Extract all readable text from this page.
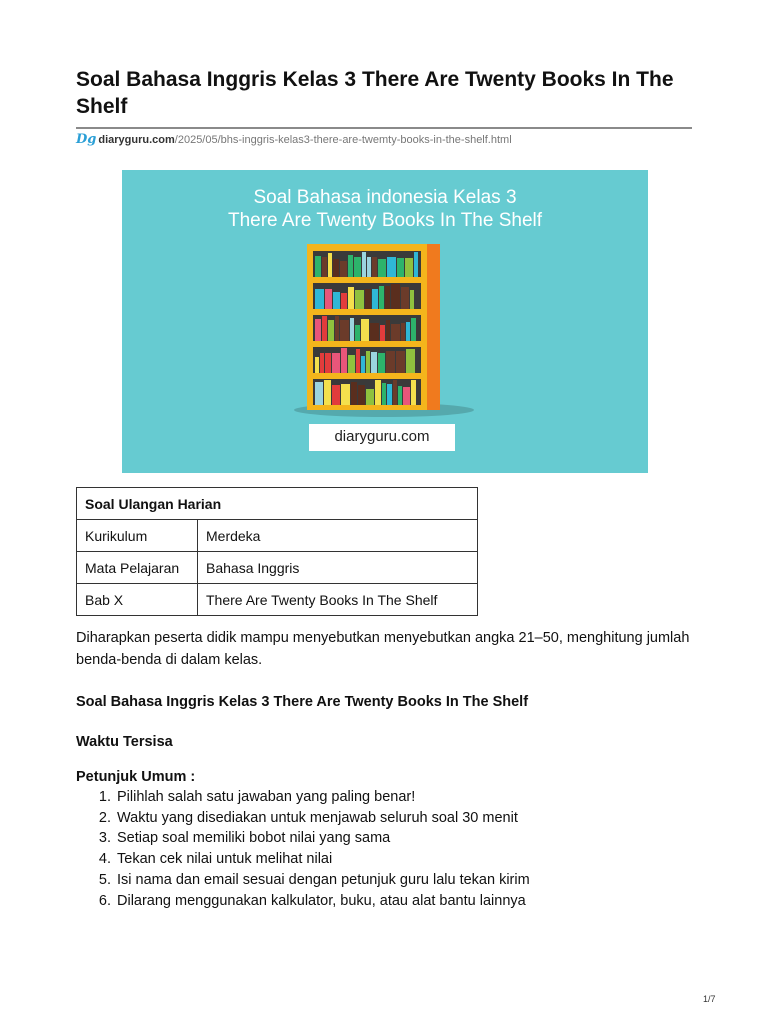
Soal Bahasa Inggris Kelas 3 There Are Twenty Books In The Shelf
Dg diaryguru.com/2025/05/bhs-inggris-kelas3-there-are-twemty-books-in-the-shelf.html
Soal Bahasa indonesia Kelas 3
There Are Twenty Books In The Shelf
diaryguru.com
Soal Ulangan Harian	
Kurikulum	Merdeka
Mata Pelajaran	Bahasa Inggris
Bab X	There Are Twenty Books In The Shelf
Diharapkan peserta didik mampu menyebutkan menyebutkan angka 21–50, menghitung jumlah benda-benda di dalam kelas.
Soal Bahasa Inggris Kelas 3 There Are Twenty Books In The Shelf
Waktu Tersisa
Petunjuk Umum :
1. Pilihlah salah satu jawaban yang paling benar!
2. Waktu yang disediakan untuk menjawab seluruh soal 30 menit
3. Setiap soal memiliki bobot nilai yang sama
4. Tekan cek nilai untuk melihat nilai
5. Isi nama dan email sesuai dengan petunjuk guru lalu tekan kirim
6. Dilarang menggunakan kalkulator, buku, atau alat bantu lainnya
1/7
